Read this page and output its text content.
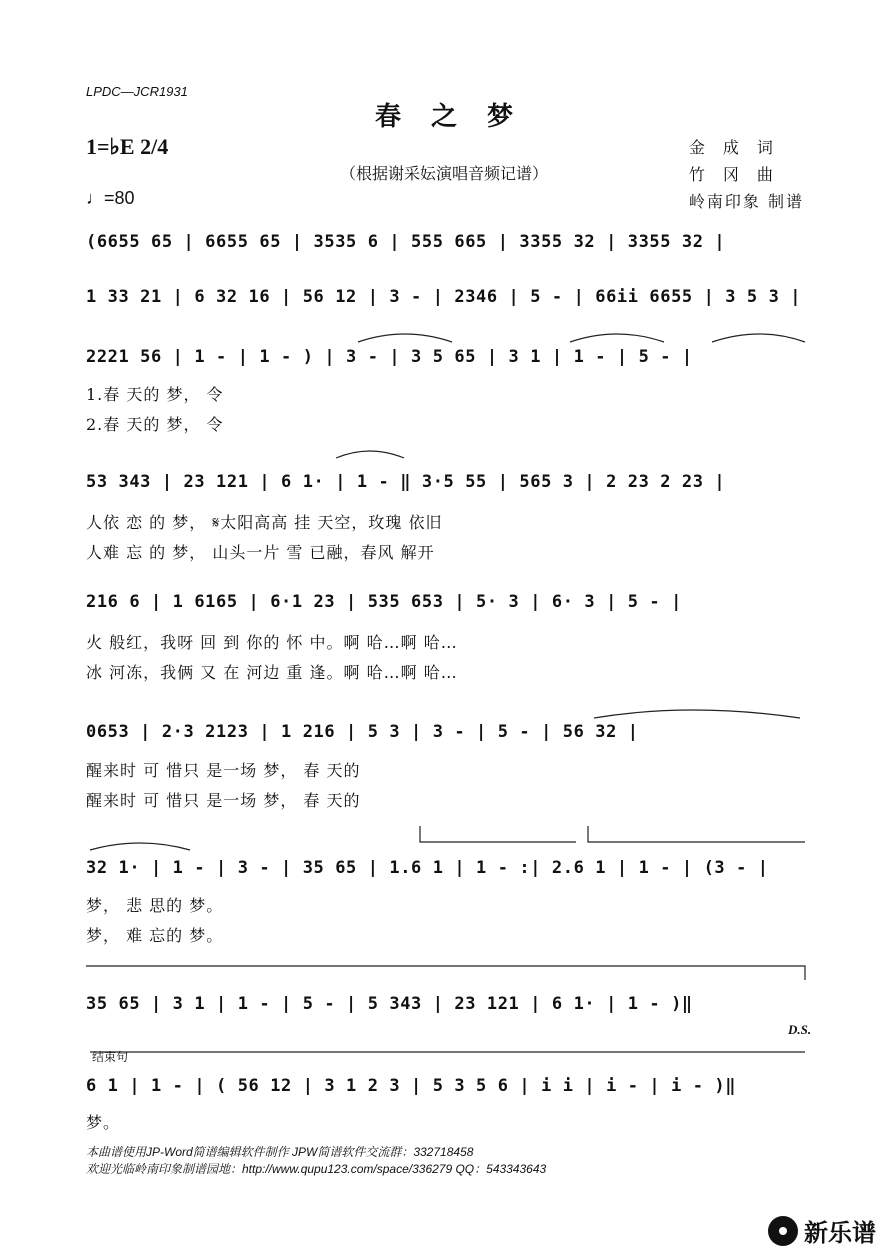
LPDC—JCR1931
春之梦
1=♭E 2/4
♩=80
（根据谢采妘演唱音频记谱）
金成词
竹冈曲
岭南印象 制谱
(6655 65 | 6655 65 | 3535 6 | 555 665 | 3355 32 | 3355 32 |
1 33 21 | 6 32 16 | 56 12 | 3 - | 2346 | 5 - | 66ii 6655 | 3 5 3 |
2221 56 | 1 - | 1 - ) | 3 - | 3 5 65 | 3 1 | 1 - | 5 - |
1.春 天的 梦， 令
2.春 天的 梦， 令
53 343 | 23 121 | 6 1· | 1 - ‖ 3·5 55 | 565 3 | 2 23 2 23 |
人依 恋 的 梦， 𝄋太阳高高 挂 天空，玫瑰 依旧
人难 忘 的 梦， 山头一片 雪 已融，春风 解开
216 6 | 1 6165 | 6·1 23 | 535 653 | 5· 3 | 6· 3 | 5 - |
火 般红，我呀 回 到 你的 怀 中。啊 哈…啊 哈…
冰 河冻，我俩 又 在 河边 重 逢。啊 哈…啊 哈…
0653 | 2·3 2123 | 1 216 | 5 3 | 3 - | 5 - | 56 32 |
醒来时 可 惜只 是一场 梦， 春 天的
醒来时 可 惜只 是一场 梦， 春 天的
32 1· | 1 - | 3 - | 35 65 | 1.6 1 | 1 - :| 2.6 1 | 1 - | (3 - |
梦， 悲 思的 梦。
梦， 难 忘的 梦。
35 65 | 3 1 | 1 - | 5 - | 5 343 | 23 121 | 6 1· | 1 - )‖
D.S.
结束句
6 1 | 1 - | ( 56 12 | 3 1 2 3 | 5 3 5 6 | i i | i - | i - )‖
梦。
本曲谱使用JP-Word简谱编辑软件制作 JPW简谱软件交流群：332718458
欢迎光临岭南印象制谱园地：http://www.qupu123.com/space/336279 QQ：543343643
新乐谱
